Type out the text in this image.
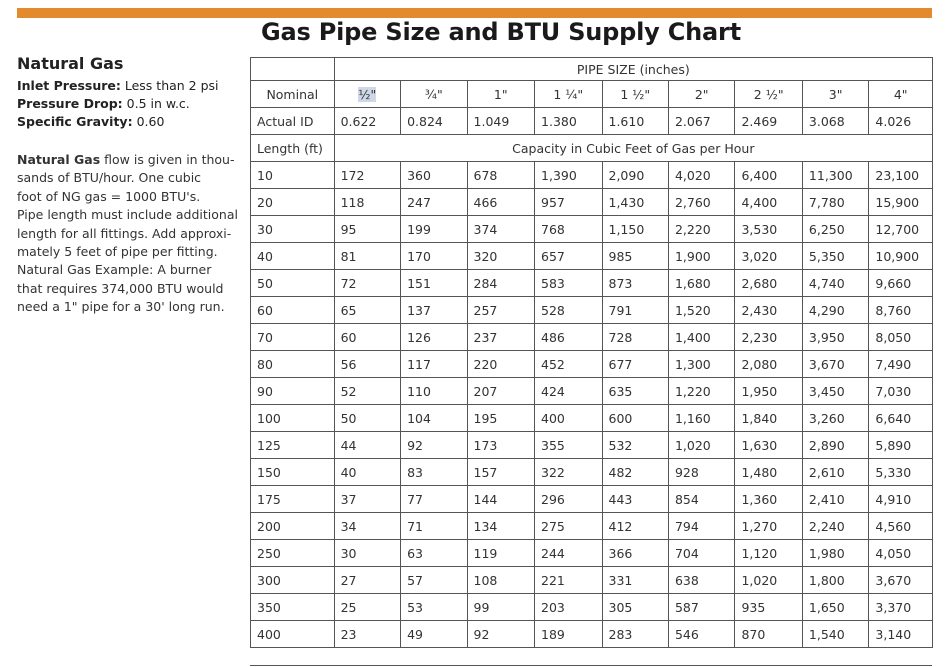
Gas Pipe Size and BTU Supply Chart
Natural Gas
Inlet Pressure: Less than 2 psi
Pressure Drop: 0.5 in w.c.
Specific Gravity: 0.60
Natural Gas flow is given in thou-
sands of BTU/hour. One cubic
foot of NG gas = 1000 BTU's.
Pipe length must include additional
length for all fittings. Add approxi-
mately 5 feet of pipe per fitting.
Natural Gas Example: A burner
that requires 374,000 BTU would
need a 1" pipe for a 30' long run.
	PIPE SIZE (inches)								
Nominal	½"	¾"	1"	1 ¼"	1 ½"	2"	2 ½"	3"	4"
Actual ID	0.622	0.824	1.049	1.380	1.610	2.067	2.469	3.068	4.026
Length (ft)	Capacity in Cubic Feet of Gas per Hour								
10	172	360	678	1,390	2,090	4,020	6,400	11,300	23,100
20	118	247	466	957	1,430	2,760	4,400	7,780	15,900
30	95	199	374	768	1,150	2,220	3,530	6,250	12,700
40	81	170	320	657	985	1,900	3,020	5,350	10,900
50	72	151	284	583	873	1,680	2,680	4,740	9,660
60	65	137	257	528	791	1,520	2,430	4,290	8,760
70	60	126	237	486	728	1,400	2,230	3,950	8,050
80	56	117	220	452	677	1,300	2,080	3,670	7,490
90	52	110	207	424	635	1,220	1,950	3,450	7,030
100	50	104	195	400	600	1,160	1,840	3,260	6,640
125	44	92	173	355	532	1,020	1,630	2,890	5,890
150	40	83	157	322	482	928	1,480	2,610	5,330
175	37	77	144	296	443	854	1,360	2,410	4,910
200	34	71	134	275	412	794	1,270	2,240	4,560
250	30	63	119	244	366	704	1,120	1,980	4,050
300	27	57	108	221	331	638	1,020	1,800	3,670
350	25	53	99	203	305	587	935	1,650	3,370
400	23	49	92	189	283	546	870	1,540	3,140
